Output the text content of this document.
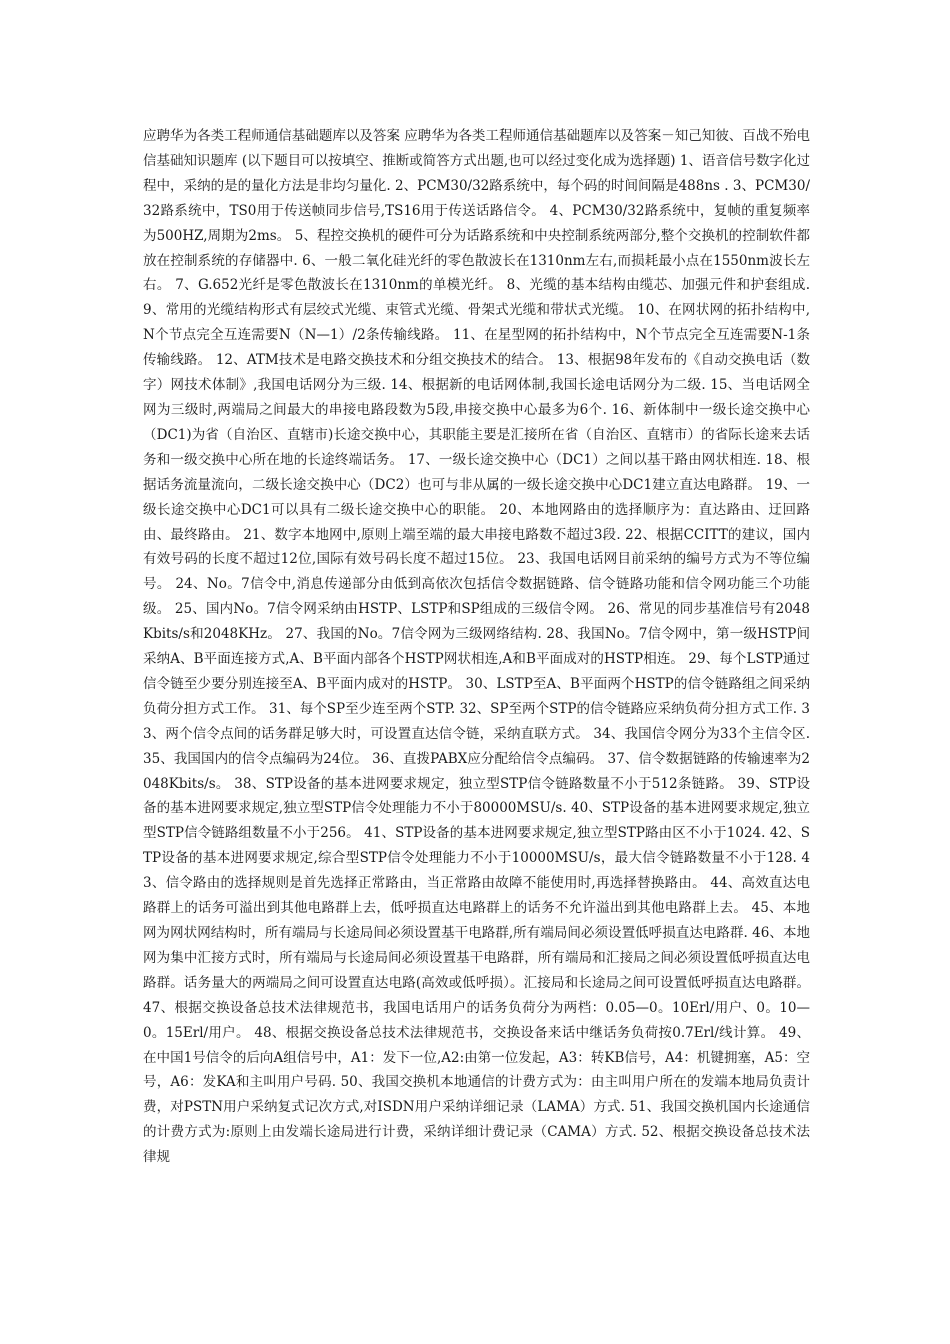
应聘华为各类工程师通信基础题库以及答案 应聘华为各类工程师通信基础题库以及答案－知己知彼、百战不殆电信基础知识题库 (以下题目可以按填空、推断或简答方式出题,也可以经过变化成为选择题) 1、语音信号数字化过程中，采纳的是的量化方法是非均匀量化. 2、PCM30/32路系统中，每个码的时间间隔是488ns . 3、PCM30/32路系统中，TS0用于传送帧同步信号,TS16用于传送话路信令。 4、PCM30/32路系统中，复帧的重复频率为500HZ,周期为2ms。 5、程控交换机的硬件可分为话路系统和中央控制系统两部分,整个交换机的控制软件都放在控制系统的存储器中. 6、一般二氧化硅光纤的零色散波长在1310nm左右,而损耗最小点在1550nm波长左右。 7、G.652光纤是零色散波长在1310nm的单模光纤。 8、光缆的基本结构由缆芯、加强元件和护套组成. 9、常用的光缆结构形式有层绞式光缆、束管式光缆、骨架式光缆和带状式光缆。 10、在网状网的拓扑结构中,N个节点完全互连需要N（N—1）/2条传输线路。 11、在星型网的拓扑结构中，N个节点完全互连需要N-1条传输线路。 12、ATM技术是电路交换技术和分组交换技术的结合。 13、根据98年发布的《自动交换电话（数字）网技术体制》,我国电话网分为三级. 14、根据新的电话网体制,我国长途电话网分为二级. 15、当电话网全网为三级时,两端局之间最大的串接电路段数为5段,串接交换中心最多为6个. 16、新体制中一级长途交换中心（DC1)为省（自治区、直辖市)长途交换中心，其职能主要是汇接所在省（自治区、直辖市）的省际长途来去话务和一级交换中心所在地的长途终端话务。 17、一级长途交换中心（DC1）之间以基干路由网状相连. 18、根据话务流量流向，二级长途交换中心（DC2）也可与非从属的一级长途交换中心DC1建立直达电路群。 19、一级长途交换中心DC1可以具有二级长途交换中心的职能。 20、本地网路由的选择顺序为：直达路由、迂回路由、最终路由。 21、数字本地网中,原则上端至端的最大串接电路数不超过3段. 22、根据CCITT的建议，国内有效号码的长度不超过12位,国际有效号码长度不超过15位。 23、我国电话网目前采纳的编号方式为不等位编号。 24、No。7信令中,消息传递部分由低到高依次包括信令数据链路、信令链路功能和信令网功能三个功能级。 25、国内No。7信令网采纳由HSTP、LSTP和SP组成的三级信令网。 26、常见的同步基准信号有2048Kbits/s和2048KHz。 27、我国的No。7信令网为三级网络结构. 28、我国No。7信令网中，第一级HSTP间采纳A、B平面连接方式,A、B平面内部各个HSTP网状相连,A和B平面成对的HSTP相连。 29、每个LSTP通过信令链至少要分别连接至A、B平面内成对的HSTP。 30、LSTP至A、B平面两个HSTP的信令链路组之间采纳负荷分担方式工作。 31、每个SP至少连至两个STP. 32、SP至两个STP的信令链路应采纳负荷分担方式工作. 33、两个信令点间的话务群足够大时，可设置直达信令链，采纳直联方式。 34、我国信令网分为33个主信令区. 35、我国国内的信令点编码为24位。 36、直拨PABX应分配给信令点编码。 37、信令数据链路的传输速率为2048Kbits/s。 38、STP设备的基本进网要求规定，独立型STP信令链路数量不小于512条链路。 39、STP设备的基本进网要求规定,独立型STP信令处理能力不小于80000MSU/s. 40、STP设备的基本进网要求规定,独立型STP信令链路组数量不小于256。 41、STP设备的基本进网要求规定,独立型STP路由区不小于1024. 42、STP设备的基本进网要求规定,综合型STP信令处理能力不小于10000MSU/s，最大信令链路数量不小于128. 43、信令路由的选择规则是首先选择正常路由，当正常路由故障不能使用时,再选择替换路由。 44、高效直达电路群上的话务可溢出到其他电路群上去，低呼损直达电路群上的话务不允许溢出到其他电路群上去。 45、本地网为网状网结构时，所有端局与长途局间必须设置基干电路群,所有端局间必须设置低呼损直达电路群. 46、本地网为集中汇接方式时，所有端局与长途局间必须设置基干电路群，所有端局和汇接局之间必须设置低呼损直达电路群。话务量大的两端局之间可设置直达电路(高效或低呼损）。汇接局和长途局之间可设置低呼损直达电路群。 47、根据交换设备总技术法律规范书，我国电话用户的话务负荷分为两档：0.05—0。10Erl/用户、0。10—0。15Erl/用户。 48、根据交换设备总技术法律规范书，交换设备来话中继话务负荷按0.7Erl/线计算。 49、在中国1号信令的后向A组信号中，A1：发下一位,A2:由第一位发起，A3：转KB信号，A4：机键拥塞，A5：空号，A6：发KA和主叫用户号码. 50、我国交换机本地通信的计费方式为：由主叫用户所在的发端本地局负责计费，对PSTN用户采纳复式记次方式,对ISDN用户采纳详细记录（LAMA）方式. 51、我国交换机国内长途通信的计费方式为:原则上由发端长途局进行计费，采纳详细计费记录（CAMA）方式. 52、根据交换设备总技术法律规
